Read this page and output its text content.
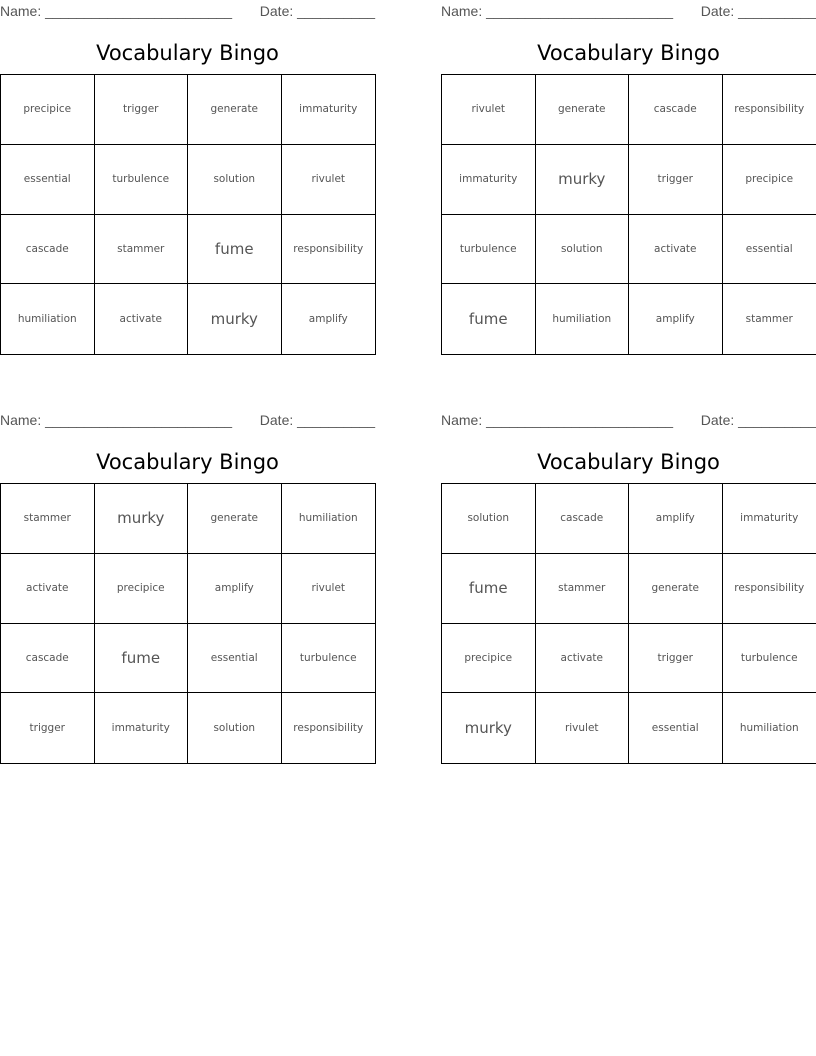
Name: ________________________ Date: __________
Vocabulary Bingo
precipice	trigger	generate	immaturity
essential	turbulence	solution	rivulet
cascade	stammer	fume	responsibility
humiliation	activate	murky	amplify
Name: ________________________ Date: __________
Vocabulary Bingo
rivulet	generate	cascade	responsibility
immaturity	murky	trigger	precipice
turbulence	solution	activate	essential
fume	humiliation	amplify	stammer
Name: ________________________ Date: __________
Vocabulary Bingo
stammer	murky	generate	humiliation
activate	precipice	amplify	rivulet
cascade	fume	essential	turbulence
trigger	immaturity	solution	responsibility
Name: ________________________ Date: __________
Vocabulary Bingo
solution	cascade	amplify	immaturity
fume	stammer	generate	responsibility
precipice	activate	trigger	turbulence
murky	rivulet	essential	humiliation
